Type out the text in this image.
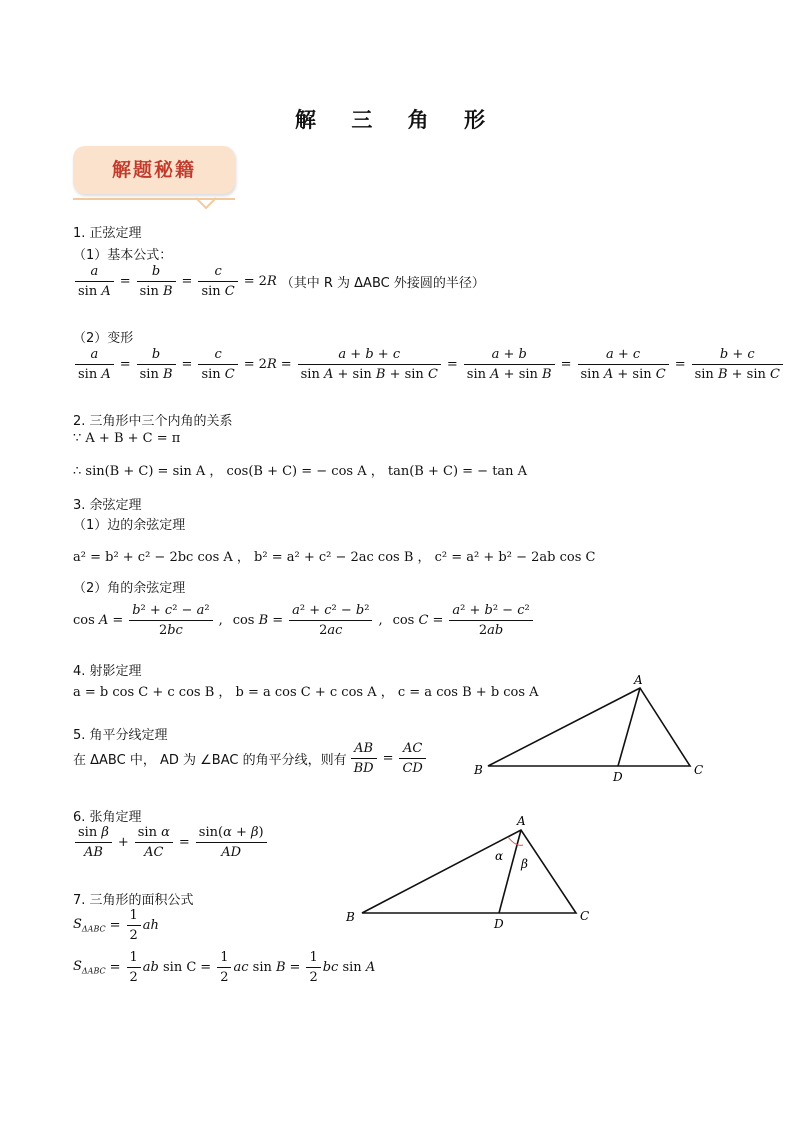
解 三 角 形
解题秘籍
1. 正弦定理
（1）基本公式：
$\frac{a}{\text{sin A}} = \frac{b}{\text{sin B}} = \frac{c}{\text{sin C}} = 2R$ （其中 R 为 ΔABC 外接圆的半径）
（2）变形
$\frac{a}{\text{sin A}} = \frac{b}{\text{sin B}} = \frac{c}{\text{sin C}} = 2R = \frac{a + b + c}{\text{sin A + sin B + sin C}} = \frac{a + b}{\text{sin A + sin B}} = \frac{a + c}{\text{sin A + sin C}} = \frac{b + c}{\text{sin B + sin C}}$
2. 三角形中三个内角的关系
∵ A + B + C = π
∴ sin(B + C) = sin A ， cos(B + C) = − cos A ， tan(B + C) = − tan A
3. 余弦定理
（1）边的余弦定理
a² = b² + c² − 2bc cos A ， b² = a² + c² − 2ac cos B ， c² = a² + b² − 2ab cos C
（2）角的余弦定理
$\cos A = \frac{\text{b² + c² − a²}}{2bc}$ , $\cos B = \frac{\text{a² + c² − b²}}{2ac}$ , $\cos C = \frac{\text{a² + b² − c²}}{2ab}$
4. 射影定理
a = b cos C + c cos B ， b = a cos C + c cos A ， c = a cos B + b cos A
5. 角平分线定理
在 ΔABC 中， AD 为 ∠BAC 的角平分线，则有 $\frac{AB}{BD} = \frac{AC}{CD}$
A
B	C
D
6. 张角定理
$\frac{\text{sin β}}{AB} + \frac{\text{sin α}}{AC} = \frac{\sin(\alpha + \beta)}{AD}$
A
B	C
D
α
β
7. 三角形的面积公式
$S_{\Delta ABC} = \frac{1}{2}$ ah
$S_{\Delta ABC} = \frac{1}{2}$ ab $\sin C = \frac{1}{2}$ ac $\sin B = \frac{1}{2}$ bc sin A
